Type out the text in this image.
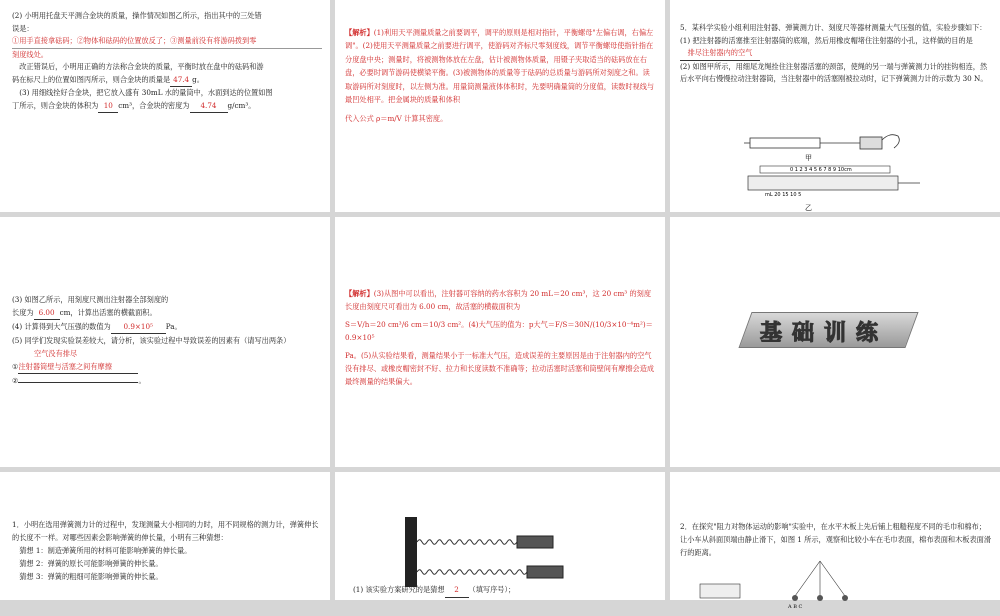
(2) 小明用托盘天平测合金块的质量，操作情况如图乙所示，指出其中的三处错
误是：
①用手直接拿砝码；②物体和砝码的位置放反了；③测量前没有将游码拨到零
刻度线处。
改正错误后，小明用正确的方法称合金块的质量，平衡时放在盘中的砝码和游
码在标尺上的位置如图丙所示，则合金块的质量是 47.4 g。
(3) 用细线拴好合金块，把它放入盛有 30mL 水的量筒中，水面到达的位置如图
丁所示，则合金块的体积为 10 cm³，合金块的密度为 4.74 g/cm³。
【解析】(1)利用天平测量质量之前要调平，调平的原则是相对指针，平衡螺母"左偏右调，右偏左调"。(2)使用天平测量质量之前要进行调平，使游码对齐标尺零刻度线，调节平衡螺母使指针指在分度盘中央；测量时，将被测物体放在左盘，估计被测物体质量，用镊子夹取适当的砝码放在右盘，必要时调节游码使横梁平衡。(3)被测物体的质量等于砝码的总质量与游码所对刻度之和。读取游码所对刻度时，以左侧为准。用量筒测量液体体积时，先要明确量筒的分度值，读数时视线与最凹处相平。把金属块的质量和体积
代入公式 ρ＝m/V 计算其密度。
5．某科学实验小组利用注射器、弹簧测力计、刻度尺等器材测量大气压强的值，实验步骤如下：
(1) 把注射器的活塞推至注射器筒的底端，然后用橡皮帽堵住注射器的小孔，这样做的目的是排尽注射器内的空气
(2) 如图甲所示，用细尾龙绳拴住注射器活塞的颈部，使绳的另一端与弹簧测力计的挂钩相连，然后水平向右慢慢拉动注射器筒，当注射器中的活塞刚被拉动时，记下弹簧测力计的示数为 30 N。
甲
0 1 2 3 4 5 6 7 8 9 10cm
mL 20 15 10 5
乙
(3) 如图乙所示，用刻度尺测出注射器全部刻度的
长度为 6.00 cm，计算出活塞的横截面积。
(4) 计算得到大气压强的数值为 0.9×10⁵ Pa。
(5) 同学们发现实验误差较大，请分析，该实验过程中导致误差的因素有（请写出两条）
空气没有排尽
①注射器筒壁与活塞之间有摩擦
②	。
【解析】(3)从图中可以看出，注射器可容纳的药水容积为 20 mL＝20 cm³，这 20 cm³ 的刻度长度由刻度尺可看出为 6.00 cm，故活塞的横截面积为
S＝V/h＝20 cm³/6 cm＝10/3 cm²。(4)大气压的值为：p大气＝F/S＝30N/(10/3×10⁻⁴m²)＝0.9×10⁵
Pa。(5)从实验结果看，测量结果小于一标准大气压，造成误差的主要原因是由于注射器内的空气没有排尽、或橡皮帽密封不好、拉力和长度读数不准确等；拉动活塞时活塞和筒壁间有摩擦会造成最终测量的结果偏大。
基础训练
1．小明在选用弹簧测力计的过程中，发现测量大小相同的力时，用不同规格的测力计，弹簧伸长的长度不一样。对哪些因素会影响弹簧的伸长量，小明有三种猜想：
猜想 1：制造弹簧所用的材料可能影响弹簧的伸长量。
猜想 2：弹簧的原长可能影响弹簧的伸长量。
猜想 3：弹簧的粗细可能影响弹簧的伸长量。
(1) 该实验方案研究的是猜想 2 （填写序号）；
2．在探究"阻力对物体运动的影响"实验中，在水平木板上先后铺上粗糙程度不同的毛巾和棉布；让小车从斜面顶端由静止滑下，如图 1 所示，观察和比较小车在毛巾表面，棉布表面和木板表面滑行的距离。
A B C
